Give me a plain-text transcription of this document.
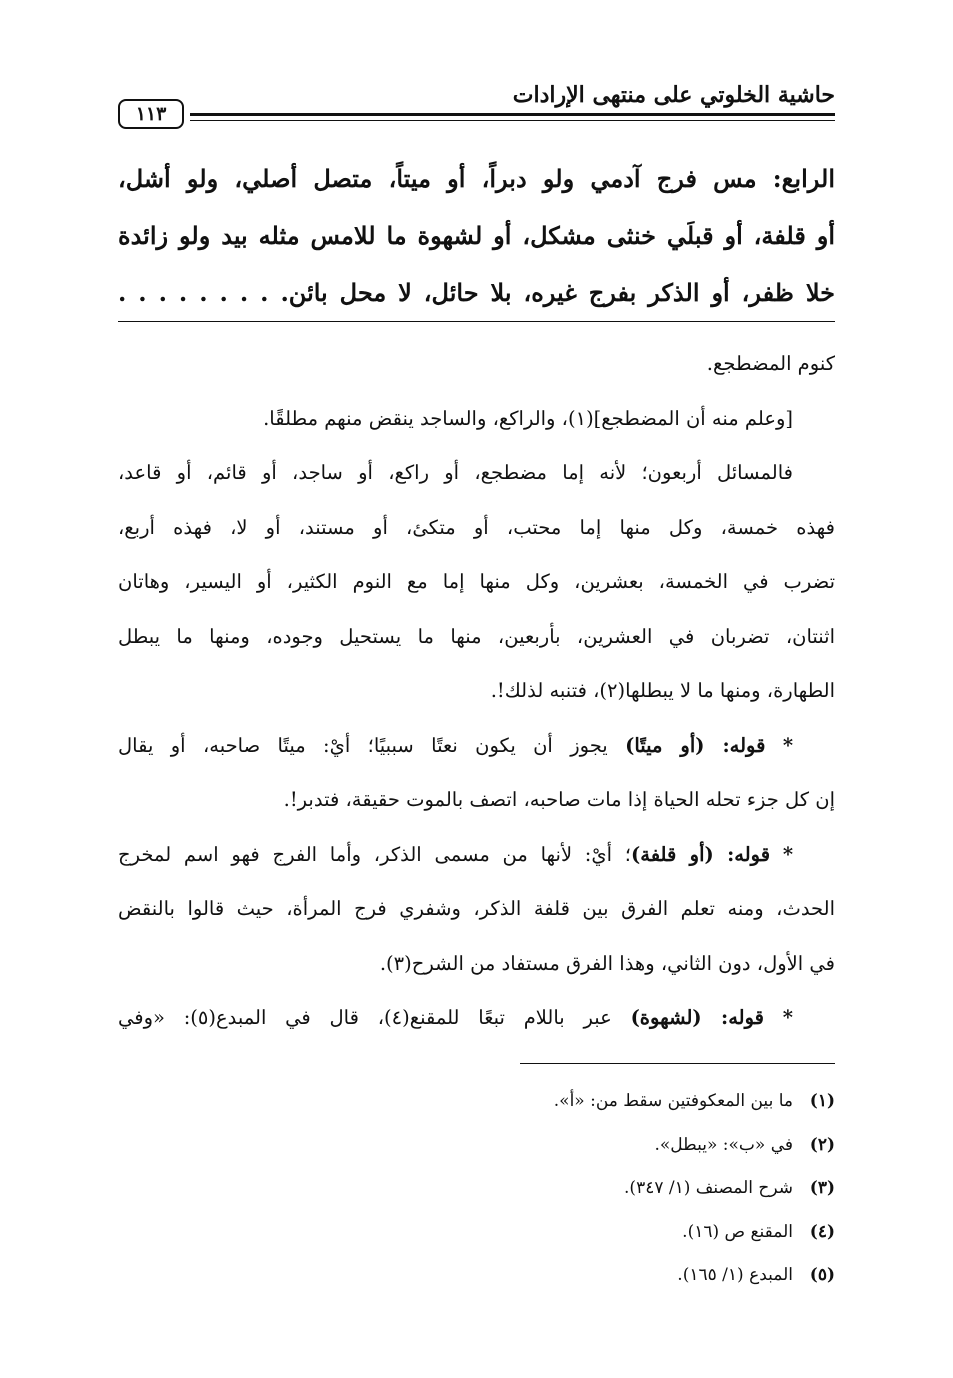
حاشية الخلوتي على منتهى الإرادات
١١٣
الرابع: مس فرج آدمي ولو دبراً، أو ميتاً، متصل أصلي، ولو أشل،
أو قلفة، أو قبلَي خنثى مشكل، أو لشهوة ما للامس مثله بيد ولو زائدة
خلا ظفر، أو الذكر بفرج غيره، بلا حائل، لا محل بائن. . . . . . . . .
كنوم المضطجع.
[وعلم منه أن المضطجع](١)، والراكع، والساجد ينقض منهم مطلقًا.
فالمسائل أربعون؛ لأنه إما مضطجع، أو راكع، أو ساجد، أو قائم، أو قاعد،
فهذه خمسة، وكل منها إما محتب، أو متكئ، أو مستند، أو لا، فهذه أربع،
تضرب في الخمسة، بعشرين، وكل منها إما مع النوم الكثير، أو اليسير، وهاتان
اثنتان، تضربان في العشرين، بأربعين، منها ما يستحيل وجوده، ومنها ما يبطل
الطهارة، ومنها ما لا يبطلها(٢)، فتنبه لذلك!.
* قوله: (أو ميتًا) يجوز أن يكون نعتًا سببيًا؛ أيْ: ميتًا صاحبه، أو يقال
إن كل جزء تحله الحياة إذا مات صاحبه، اتصف بالموت حقيقة، فتدبر!.
* قوله: (أو قلفة)؛ أيْ: لأنها من مسمى الذكر، وأما الفرج فهو اسم لمخرج
الحدث، ومنه تعلم الفرق بين قلفة الذكر، وشفري فرج المرأة، حيث قالوا بالنقض
في الأول، دون الثاني، وهذا الفرق مستفاد من الشرح(٣).
* قوله: (لشهوة) عبر باللام تبعًا للمقنع(٤)، قال في المبدع(٥): «وفي
(١)ما بين المعكوفتين سقط من: «أ».
(٢)في «ب»: «يبطل».
(٣)شرح المصنف (١/ ٣٤٧).
(٤)المقنع ص (١٦).
(٥)المبدع (١/ ١٦٥).
